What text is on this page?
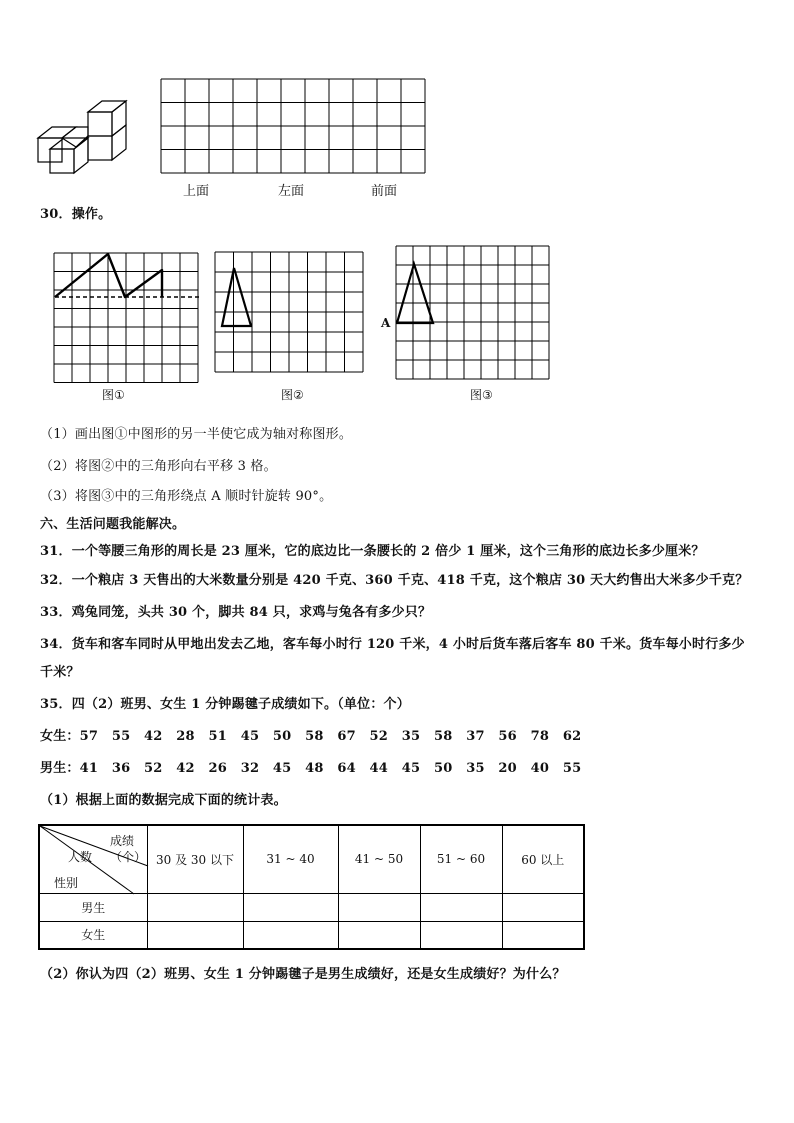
上面	左面	前面
30．操作。
图①	图②
A
图③
（1）画出图①中图形的另一半使它成为轴对称图形。
（2）将图②中的三角形向右平移 3 格。
（3）将图③中的三角形绕点 A 顺时针旋转 90°。
六、生活问题我能解决。
31．一个等腰三角形的周长是 23 厘米，它的底边比一条腰长的 2 倍少 1 厘米，这个三角形的底边长多少厘米？
32．一个粮店 3 天售出的大米数量分别是 420 千克、360 千克、418 千克，这个粮店 30 天大约售出大米多少千克？
33．鸡兔同笼，头共 30 个，脚共 84 只，求鸡与兔各有多少只？
34．货车和客车同时从甲地出发去乙地，客车每小时行 120 千米，4 小时后货车落后客车 80 千米。货车每小时行多少
千米？
35．四（2）班男、女生 1 分钟踢毽子成绩如下。（单位：个）
女生：57 55 42 28 51 45 50 58 67 52 35 58 37 56 78 62
男生：41 36 52 42 26 32 45 48 64 44 45 50 35 20 40 55
（1）根据上面的数据完成下面的统计表。
成绩
（个）
人数
性别	30 及 30 以下	31 ~ 40	41 ~ 50	51 ~ 60	60 以上
男生					
女生					
（2）你认为四（2）班男、女生 1 分钟踢毽子是男生成绩好，还是女生成绩好？为什么？
